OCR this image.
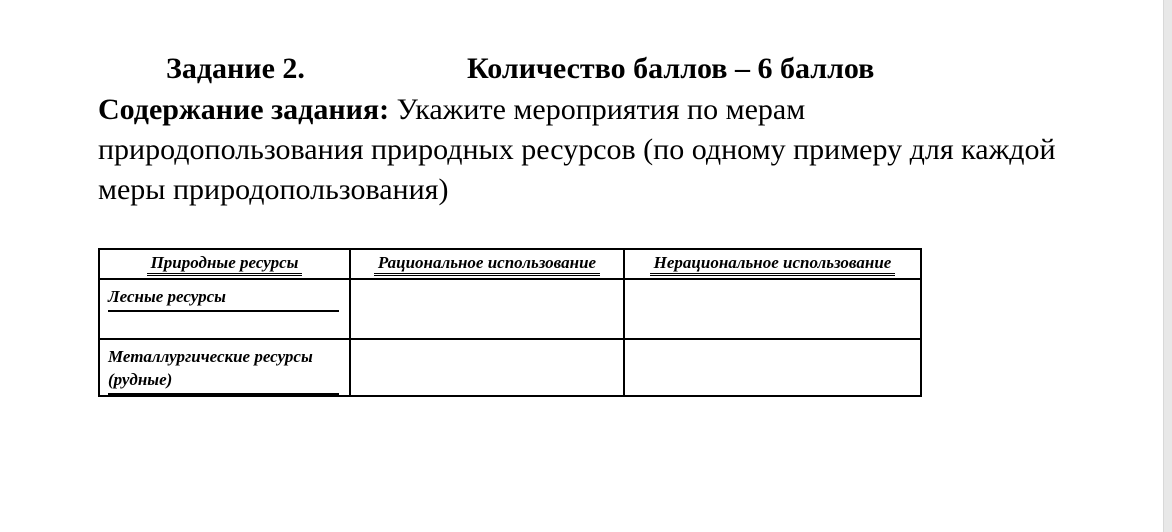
Задание 2.	Количество баллов – 6 баллов
Содержание задания: Укажите мероприятия по мерам природопользования природных ресурсов (по одному примеру для каждой меры природопользования)
Природные ресурсы	Рациональное использование	Нерациональное использование

Лесные ресурсы		

Металлургические ресурсы (рудные)		
